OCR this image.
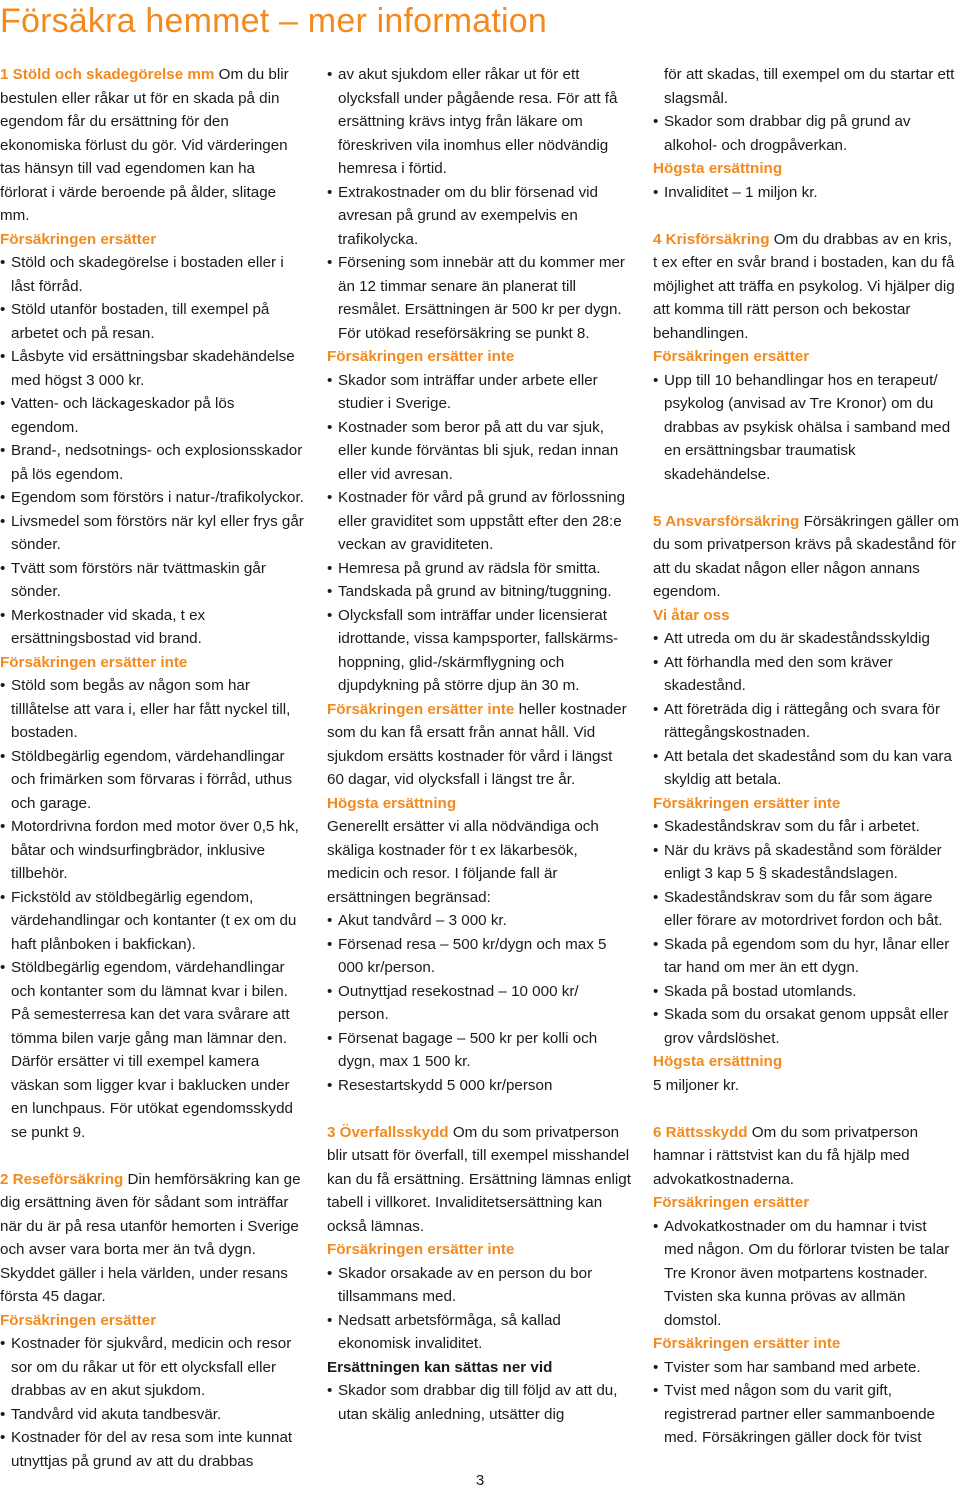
Försäkra hemmet – mer information

1 Stöld och skadegörelse mm Om du blir bestulen eller råkar ut för en skada på din egendom får du ersättning för den ekonomiska förlust du gör. Vid värderingen tas hänsyn till vad egendomen kan ha förlorat i värde beroende på ålder, slitage mm.

Försäkringen ersätter

• Stöld och skadegörelse i bostaden eller i låst förråd.
• Stöld utanför bostaden, till exempel på arbetet och på resan.
• Låsbyte vid ersättningsbar skadehändelse med högst 3 000 kr.
• Vatten- och läckageskador på lös egendom.
• Brand-, nedsotnings- och explosionsskador på lös egendom.
• Egendom som förstörs i natur-/trafikolyckor.
• Livsmedel som förstörs när kyl eller frys går sönder.
• Tvätt som förstörs när tvättmaskin går sönder.
• Merkostnader vid skada, t ex ersättningsbostad vid brand.

Försäkringen ersätter inte

• Stöld som begås av någon som har tilllåtelse att vara i, eller har fått nyckel till, bostaden.
• Stöldbegärlig egendom, värdehandlingar och frimärken som förvaras i förråd, uthus och garage.
• Motordrivna fordon med motor över 0,5 hk, båtar och windsurfingbrädor, inklusive tillbehör.
• Fickstöld av stöldbegärlig egendom, värdehandlingar och kontanter (t ex om du haft plånboken i bakfickan).
• Stöldbegärlig egendom, värdehandlingar och kontanter som du lämnat kvar i bilen. På semesterresa kan det vara svårare att tömma bilen varje gång man lämnar den. Därför ersätter vi till exempel kamera väskan som ligger kvar i baklucken under en lunchpaus. För utökat egendomsskydd se punkt 9.

2 Reseförsäkring Din hemförsäkring kan ge dig ersättning även för sådant som inträffar när du är på resa utanför hemorten i Sverige och avser vara borta mer än två dygn. Skyddet gäller i hela världen, under resans första 45 dagar.

Försäkringen ersätter

• Kostnader för sjukvård, medicin och resor sor om du råkar ut för ett olycksfall eller drabbas av en akut sjukdom.
• Tandvård vid akuta tandbesvär.
• Kostnader för del av resa som inte kunnat utnyttjas på grund av att du drabbas
• av akut sjukdom eller råkar ut för ett olycksfall under pågående resa. För att få ersättning krävs intyg från läkare om föreskriven vila inomhus eller nödvändig hemresa i förtid.
• Extrakostnader om du blir försenad vid avresan på grund av exempelvis en trafikolycka.
• Försening som innebär att du kommer mer än 12 timmar senare än planerat till resmålet. Ersättningen är 500 kr per dygn. För utökad reseförsäkring se punkt 8.

Försäkringen ersätter inte

• Skador som inträffar under arbete eller studier i Sverige.
• Kostnader som beror på att du var sjuk, eller kunde förväntas bli sjuk, redan innan eller vid avresan.
• Kostnader för vård på grund av förlossning eller graviditet som uppstått efter den 28:e veckan av graviditeten.
• Hemresa på grund av rädsla för smitta.
• Tandskada på grund av bitning/tuggning.
• Olycksfall som inträffar under licensierat idrottande, vissa kampsporter, fallskärms- hoppning, glid-/skärmflygning och djupdykning på större djup än 30 m.

Försäkringen ersätter inte heller kostnader som du kan få ersatt från annat håll. Vid sjukdom ersätts kostnader för vård i längst 60 dagar, vid olycksfall i längst tre år.

Högsta ersättning

Generellt ersätter vi alla nödvändiga och skäliga kostnader för t ex läkarbesök, medicin och resor. I följande fall är ersättningen begränsad:

• Akut tandvård – 3 000 kr.
• Försenad resa – 500 kr/dygn och max 5 000 kr/person.
• Outnyttjad resekostnad – 10 000 kr/ person.
• Försenat bagage – 500 kr per kolli och dygn, max 1 500 kr.
• Resestartskydd 5 000 kr/person

3 Överfallsskydd Om du som privatperson blir utsatt för överfall, till exempel misshandel kan du få ersättning. Ersättning lämnas enligt tabell i villkoret. Invaliditetsersättning kan också lämnas.

Försäkringen ersätter inte

• Skador orsakade av en person du bor tillsammans med.
• Nedsatt arbetsförmåga, så kallad ekonomisk invaliditet.

Ersättningen kan sättas ner vid

• Skador som drabbar dig till följd av att du, utan skälig anledning, utsätter dig

för att skadas, till exempel om du startar ett slagsmål.

• Skador som drabbar dig på grund av alkohol- och drogpåverkan.

Högsta ersättning

• Invaliditet – 1 miljon kr.

4 Krisförsäkring Om du drabbas av en kris, t ex efter en svår brand i bostaden, kan du få möjlighet att träffa en psykolog. Vi hjälper dig att komma till rätt person och bekostar behandlingen.

Försäkringen ersätter

• Upp till 10 behandlingar hos en terapeut/ psykolog (anvisad av Tre Kronor) om du drabbas av psykisk ohälsa i samband med en ersättningsbar traumatisk skadehändelse.

5 Ansvarsförsäkring Försäkringen gäller om du som privatperson krävs på skadestånd för att du skadat någon eller någon annans egendom.

Vi åtar oss

• Att utreda om du är skadeståndsskyldig
• Att förhandla med den som kräver skadestånd.
• Att företräda dig i rättegång och svara för rättegångskostnaden.
• Att betala det skadestånd som du kan vara skyldig att betala.

Försäkringen ersätter inte

• Skadeståndskrav som du får i arbetet.
• När du krävs på skadestånd som förälder enligt 3 kap 5 § skadeståndslagen.
• Skadeståndskrav som du får som ägare eller förare av motordrivet fordon och båt.
• Skada på egendom som du hyr, lånar eller tar hand om mer än ett dygn.
• Skada på bostad utomlands.
• Skada som du orsakat genom uppsåt eller grov vårdslöshet.

Högsta ersättning

5 miljoner kr.

6 Rättsskydd Om du som privatperson hamnar i rättstvist kan du få hjälp med advokatkostnaderna.

Försäkringen ersätter

• Advokatkostnader om du hamnar i tvist med någon. Om du förlorar tvisten be talar Tre Kronor även motpartens kostnader. Tvisten ska kunna prövas av allmän domstol.

Försäkringen ersätter inte

• Tvister som har samband med arbete.
• Tvist med någon som du varit gift, registrerad partner eller sammanboende med. Försäkringen gäller dock för tvist
3
